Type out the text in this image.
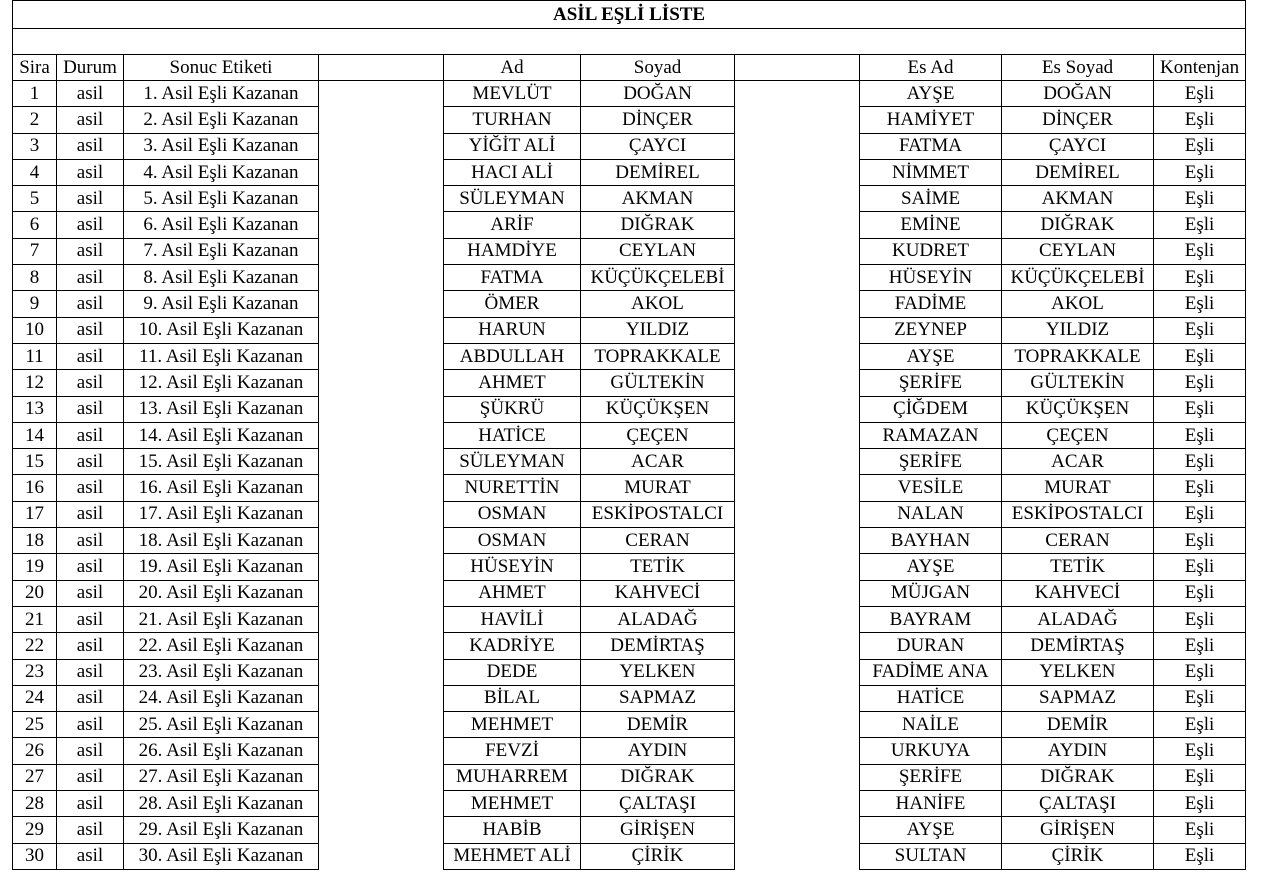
ASİL EŞLİ LİSTE									

Sira	Durum	Sonuc Etiketi		Ad	Soyad		Es Ad	Es Soyad	Kontenjan
1	asil	1. Asil Eşli Kazanan		MEVLÜT	DOĞAN		AYŞE	DOĞAN	Eşli
2	asil	2. Asil Eşli Kazanan		TURHAN	DİNÇER		HAMİYET	DİNÇER	Eşli
3	asil	3. Asil Eşli Kazanan		YİĞİT ALİ	ÇAYCI		FATMA	ÇAYCI	Eşli
4	asil	4. Asil Eşli Kazanan		HACI ALİ	DEMİREL		NİMMET	DEMİREL	Eşli
5	asil	5. Asil Eşli Kazanan		SÜLEYMAN	AKMAN		SAİME	AKMAN	Eşli
6	asil	6. Asil Eşli Kazanan		ARİF	DIĞRAK		EMİNE	DIĞRAK	Eşli
7	asil	7. Asil Eşli Kazanan		HAMDİYE	CEYLAN		KUDRET	CEYLAN	Eşli
8	asil	8. Asil Eşli Kazanan		FATMA	KÜÇÜKÇELEBİ		HÜSEYİN	KÜÇÜKÇELEBİ	Eşli
9	asil	9. Asil Eşli Kazanan		ÖMER	AKOL		FADİME	AKOL	Eşli
10	asil	10. Asil Eşli Kazanan		HARUN	YILDIZ		ZEYNEP	YILDIZ	Eşli
11	asil	11. Asil Eşli Kazanan		ABDULLAH	TOPRAKKALE		AYŞE	TOPRAKKALE	Eşli
12	asil	12. Asil Eşli Kazanan		AHMET	GÜLTEKİN		ŞERİFE	GÜLTEKİN	Eşli
13	asil	13. Asil Eşli Kazanan		ŞÜKRÜ	KÜÇÜKŞEN		ÇİĞDEM	KÜÇÜKŞEN	Eşli
14	asil	14. Asil Eşli Kazanan		HATİCE	ÇEÇEN		RAMAZAN	ÇEÇEN	Eşli
15	asil	15. Asil Eşli Kazanan		SÜLEYMAN	ACAR		ŞERİFE	ACAR	Eşli
16	asil	16. Asil Eşli Kazanan		NURETTİN	MURAT		VESİLE	MURAT	Eşli
17	asil	17. Asil Eşli Kazanan		OSMAN	ESKİPOSTALCI		NALAN	ESKİPOSTALCI	Eşli
18	asil	18. Asil Eşli Kazanan		OSMAN	CERAN		BAYHAN	CERAN	Eşli
19	asil	19. Asil Eşli Kazanan		HÜSEYİN	TETİK		AYŞE	TETİK	Eşli
20	asil	20. Asil Eşli Kazanan		AHMET	KAHVECİ		MÜJGAN	KAHVECİ	Eşli
21	asil	21. Asil Eşli Kazanan		HAVİLİ	ALADAĞ		BAYRAM	ALADAĞ	Eşli
22	asil	22. Asil Eşli Kazanan		KADRİYE	DEMİRTAŞ		DURAN	DEMİRTAŞ	Eşli
23	asil	23. Asil Eşli Kazanan		DEDE	YELKEN		FADİME ANA	YELKEN	Eşli
24	asil	24. Asil Eşli Kazanan		BİLAL	SAPMAZ		HATİCE	SAPMAZ	Eşli
25	asil	25. Asil Eşli Kazanan		MEHMET	DEMİR		NAİLE	DEMİR	Eşli
26	asil	26. Asil Eşli Kazanan		FEVZİ	AYDIN		URKUYA	AYDIN	Eşli
27	asil	27. Asil Eşli Kazanan		MUHARREM	DIĞRAK		ŞERİFE	DIĞRAK	Eşli
28	asil	28. Asil Eşli Kazanan		MEHMET	ÇALTAŞI		HANİFE	ÇALTAŞI	Eşli
29	asil	29. Asil Eşli Kazanan		HABİB	GİRİŞEN		AYŞE	GİRİŞEN	Eşli
30	asil	30. Asil Eşli Kazanan		MEHMET ALİ	ÇİRİK		SULTAN	ÇİRİK	Eşli
